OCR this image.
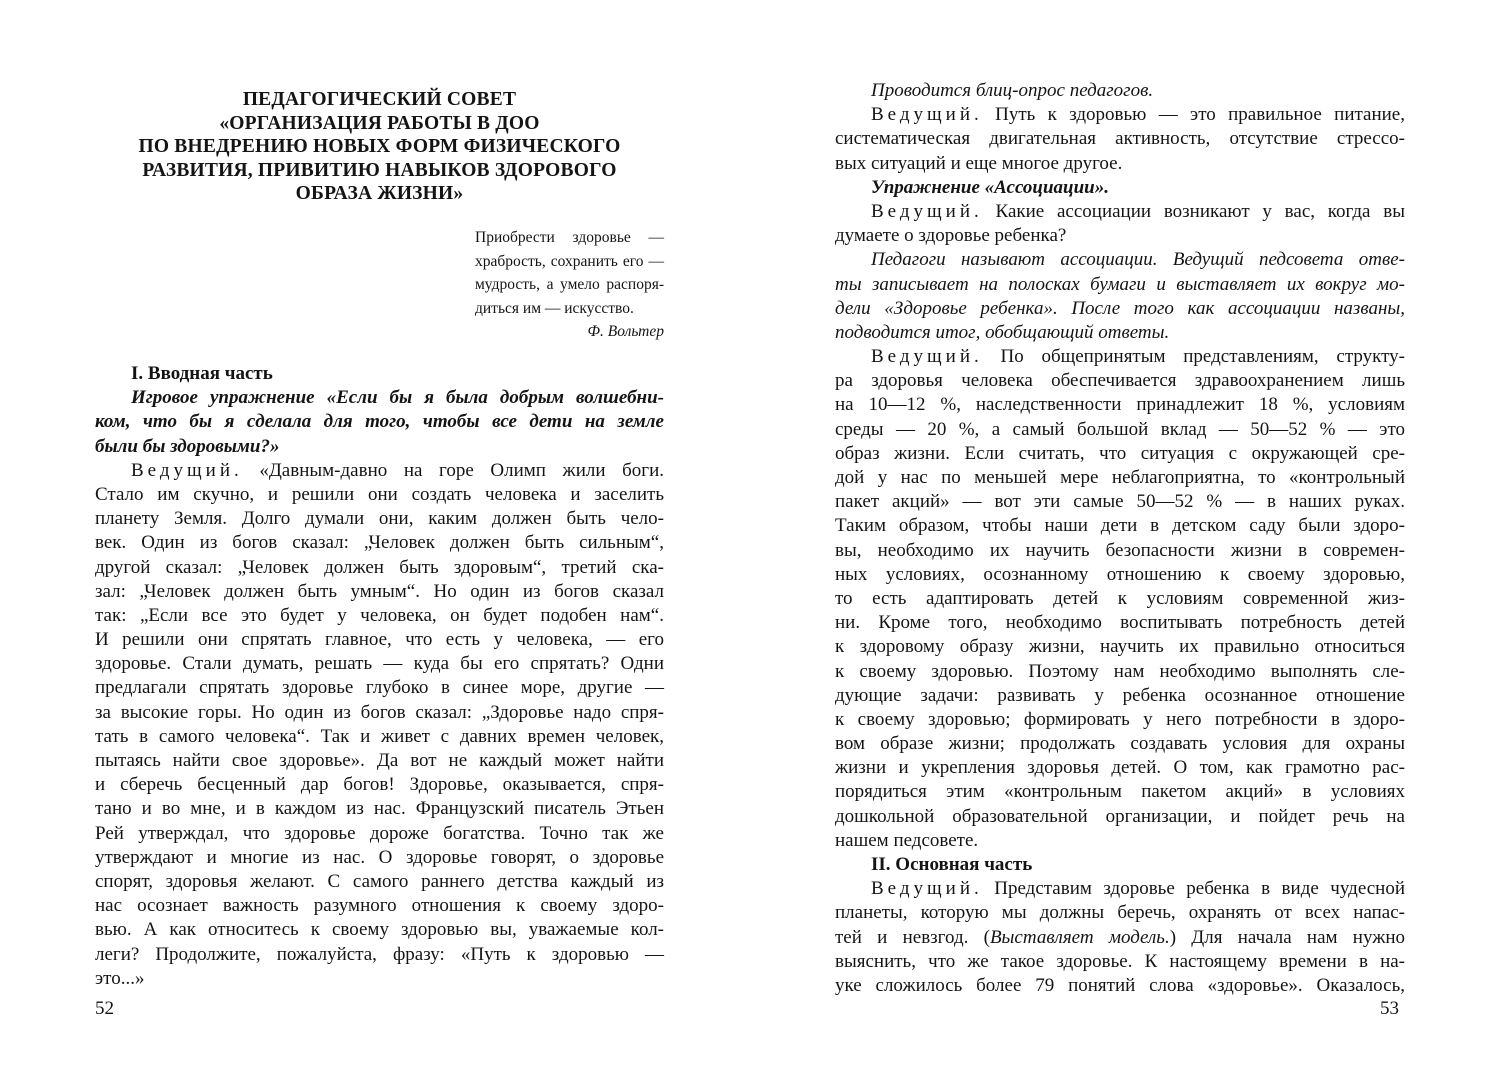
ПЕДАГОГИЧЕСКИЙ СОВЕТ
«ОРГАНИЗАЦИЯ РАБОТЫ В ДОО
ПО ВНЕДРЕНИЮ НОВЫХ ФОРМ ФИЗИЧЕСКОГО
РАЗВИТИЯ, ПРИВИТИЮ НАВЫКОВ ЗДОРОВОГО
ОБРАЗА ЖИЗНИ»
Приобрести здоровье —
храбрость, сохранить его —
мудрость, а умело распоря-
диться им — искусство.
Ф. Вольтер
I. Вводная часть
Игровое упражнение «Если бы я была добрым волшебни-
ком, что бы я сделала для того, чтобы все дети на земле
были бы здоровыми?»
Ведущий. «Давным-давно на горе Олимп жили боги.
Стало им скучно, и решили они создать человека и заселить
планету Земля. Долго думали они, каким должен быть чело-
век. Один из богов сказал: „Человек должен быть сильным“,
другой сказал: „Человек должен быть здоровым“, третий ска-
зал: „Человек должен быть умным“. Но один из богов сказал
так: „Если все это будет у человека, он будет подобен нам“.
И решили они спрятать главное, что есть у человека, — его
здоровье. Стали думать, решать — куда бы его спрятать? Одни
предлагали спрятать здоровье глубоко в синее море, другие —
за высокие горы. Но один из богов сказал: „Здоровье надо спря-
тать в самого человека“. Так и живет с давних времен человек,
пытаясь найти свое здоровье». Да вот не каждый может найти
и сберечь бесценный дар богов! Здоровье, оказывается, спря-
тано и во мне, и в каждом из нас. Французский писатель Этьен
Рей утверждал, что здоровье дороже богатства. Точно так же
утверждают и многие из нас. О здоровье говорят, о здоровье
спорят, здоровья желают. С самого раннего детства каждый из
нас осознает важность разумного отношения к своему здоро-
вью. А как относитесь к своему здоровью вы, уважаемые кол-
леги? Продолжите, пожалуйста, фразу: «Путь к здоровью —
это...»
52
Проводится блиц-опрос педагогов.
Ведущий. Путь к здоровью — это правильное питание,
систематическая двигательная активность, отсутствие стрессо-
вых ситуаций и еще многое другое.
Упражнение «Ассоциации».
Ведущий. Какие ассоциации возникают у вас, когда вы
думаете о здоровье ребенка?
Педагоги называют ассоциации. Ведущий педсовета отве-
ты записывает на полосках бумаги и выставляет их вокруг мо-
дели «Здоровье ребенка». После того как ассоциации названы,
подводится итог, обобщающий ответы.
Ведущий. По общепринятым представлениям, структу-
ра здоровья человека обеспечивается здравоохранением лишь
на 10—12 %, наследственности принадлежит 18 %, условиям
среды — 20 %, а самый большой вклад — 50—52 % — это
образ жизни. Если считать, что ситуация с окружающей сре-
дой у нас по меньшей мере неблагоприятна, то «контрольный
пакет акций» — вот эти самые 50—52 % — в наших руках.
Таким образом, чтобы наши дети в детском саду были здоро-
вы, необходимо их научить безопасности жизни в современ-
ных условиях, осознанному отношению к своему здоровью,
то есть адаптировать детей к условиям современной жиз-
ни. Кроме того, необходимо воспитывать потребность детей
к здоровому образу жизни, научить их правильно относиться
к своему здоровью. Поэтому нам необходимо выполнять сле-
дующие задачи: развивать у ребенка осознанное отношение
к своему здоровью; формировать у него потребности в здоро-
вом образе жизни; продолжать создавать условия для охраны
жизни и укрепления здоровья детей. О том, как грамотно рас-
порядиться этим «контрольным пакетом акций» в условиях
дошкольной образовательной организации, и пойдет речь на
нашем педсовете.
II. Основная часть
Ведущий. Представим здоровье ребенка в виде чудесной
планеты, которую мы должны беречь, охранять от всех напас-
тей и невзгод. (Выставляет модель.) Для начала нам нужно
выяснить, что же такое здоровье. К настоящему времени в на-
уке сложилось более 79 понятий слова «здоровье». Оказалось,
53
